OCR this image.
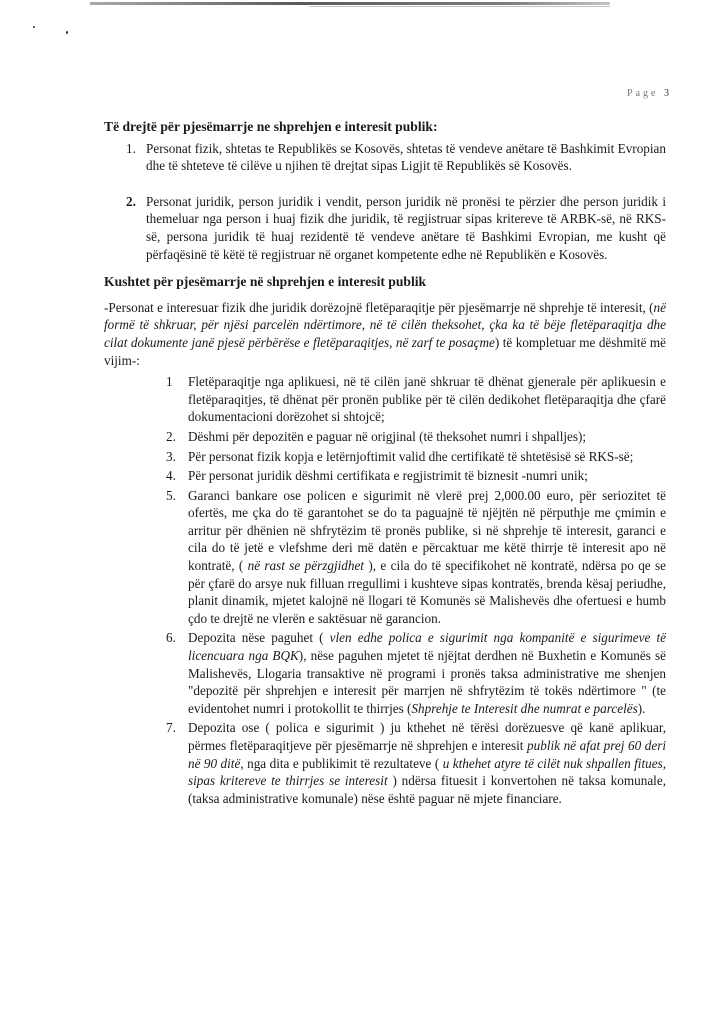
Page 3
Të drejtë për pjesëmarrje ne shprehjen e interesit publik:
1. Personat fizik, shtetas te Republikës se Kosovës, shtetas të vendeve anëtare të Bashkimit Evropian dhe të shteteve të cilëve u njihen të drejtat sipas Ligjit të Republikës së Kosovës.
2. Personat juridik, person juridik i vendit, person juridik në pronësi te përzier dhe person juridik i themeluar nga person i huaj fizik dhe juridik, të regjistruar sipas kritereve të ARBK-së, në RKS-së, persona juridik të huaj rezidentë të vendeve anëtare të Bashkimi Evropian, me kusht që përfaqësinë të këtë të regjistruar në organet kompetente edhe në Republikën e Kosovës.
Kushtet për pjesëmarrje në shprehjen e interesit publik

-Personat e interesuar fizik dhe juridik dorëzojnë fletëparaqitje për pjesëmarrje në shprehje të interesit, (në formë të shkruar, për njësi parcelën ndërtimore, në të cilën theksohet, çka ka të bëje fletëparaqitja dhe cilat dokumente janë pjesë përbërëse e fletëparaqitjes, në zarf te posaçme) të kompletuar me dëshmitë më vijim-:

1 Fletëparaqitje nga aplikuesi, në të cilën janë shkruar të dhënat gjenerale për aplikuesin e fletëparaqitjes, të dhënat për pronën publike për të cilën dedikohet fletëparaqitja dhe çfarë dokumentacioni dorëzohet si shtojcë;
2. Dëshmi për depozitën e paguar në origjinal (të theksohet numri i shpalljes);
3. Për personat fizik kopja e letërnjoftimit valid dhe certifikatë të shtetësisë së RKS-së;
4. Për personat juridik dëshmi certifikata e regjistrimit të biznesit -numri unik;
5. Garanci bankare ose policen e sigurimit në vlerë prej 2,000.00 euro, për seriozitet të ofertës, me çka do të garantohet se do ta paguajnë të njëjtën në përputhje me çmimin e arritur për dhënien në shfrytëzim të pronës publike, si në shprehje të interesit, garanci e cila do të jetë e vlefshme deri më datën e përcaktuar me këtë thirrje të interesit apo në kontratë, ( në rast se përzgjidhet ), e cila do të specifikohet në kontratë, ndërsa po qe se për çfarë do arsye nuk filluan rregullimi i kushteve sipas kontratës, brenda kësaj periudhe, planit dinamik, mjetet kalojnë në llogari të Komunës së Malishevës dhe ofertuesi e humb çdo te drejtë ne vlerën e saktësuar në garancion.
6. Depozita nëse paguhet ( vlen edhe polica e sigurimit nga kompanitë e sigurimeve të licencuara nga BQK), nëse paguhen mjetet të njëjtat derdhen në Buxhetin e Komunës së Malishevës, Llogaria transaktive në programi i pronës taksa administrative me shenjen "depozitë për shprehjen e interesit për marrjen në shfrytëzim të tokës ndërtimore " (te evidentohet numri i protokollit te thirrjes (Shprehje te Interesit dhe numrat e parcelës).
7. Depozita ose ( polica e sigurimit ) ju kthehet në tërësi dorëzuesve që kanë aplikuar, përmes fletëparaqitjeve për pjesëmarrje në shprehjen e interesit publik në afat prej 60 deri në 90 ditë, nga dita e publikimit të rezultateve ( u kthehet atyre të cilët nuk shpallen fitues, sipas kritereve te thirrjes se interesit ) ndërsa fituesit i konvertohen në taksa komunale, (taksa administrative komunale) nëse është paguar në mjete financiare.
